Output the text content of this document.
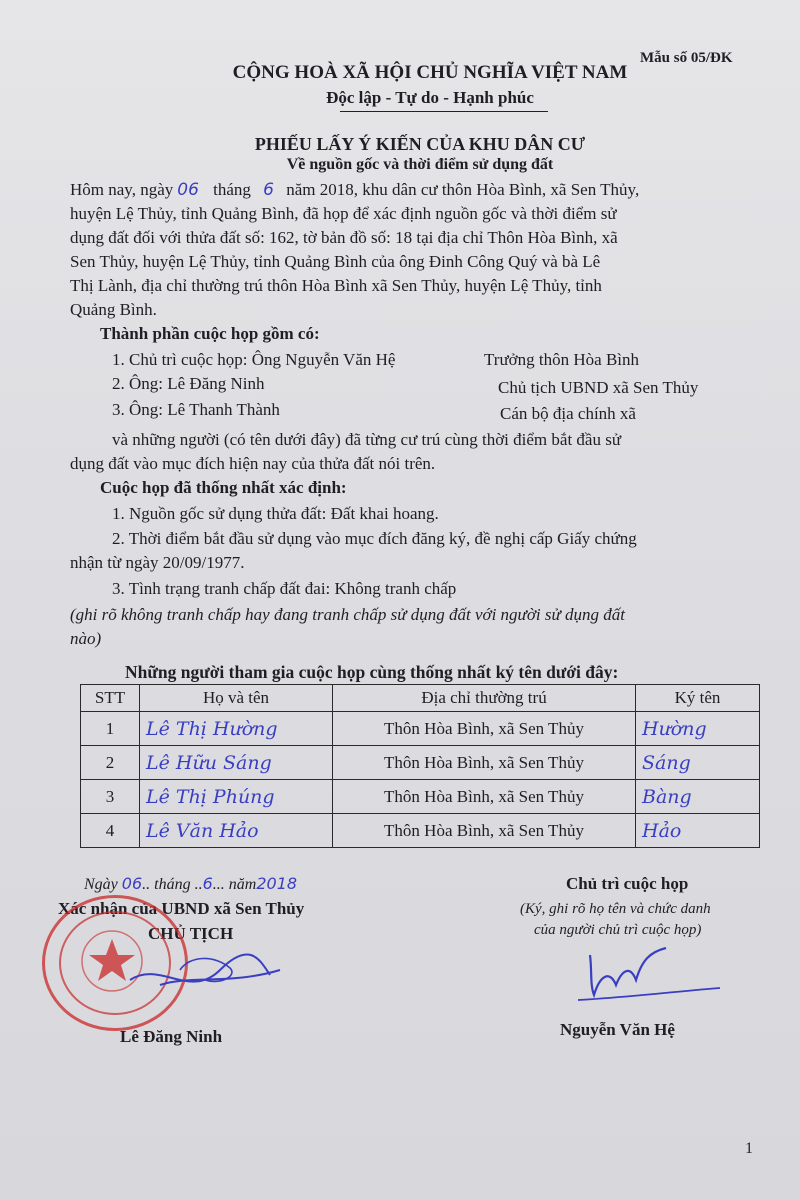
Mẫu số 05/ĐK
CỘNG HOÀ XÃ HỘI CHỦ NGHĨA VIỆT NAM
Độc lập - Tự do - Hạnh phúc
PHIẾU LẤY Ý KIẾN CỦA KHU DÂN CƯ
Về nguồn gốc và thời điểm sử dụng đất
Hôm nay, ngày 06 tháng 6 năm 2018, khu dân cư thôn Hòa Bình, xã Sen Thủy,
huyện Lệ Thủy, tỉnh Quảng Bình, đã họp để xác định nguồn gốc và thời điểm sử
dụng đất đối với thửa đất số: 162, tờ bản đồ số: 18 tại địa chỉ Thôn Hòa Bình, xã
Sen Thủy, huyện Lệ Thủy, tỉnh Quảng Bình của ông Đinh Công Quý và bà Lê
Thị Lành, địa chỉ thường trú thôn Hòa Bình xã Sen Thủy, huyện Lệ Thủy, tỉnh
Quảng Bình.
Thành phần cuộc họp gồm có:
1. Chủ trì cuộc họp: Ông Nguyễn Văn Hệ	Trưởng thôn Hòa Bình
2. Ông: Lê Đăng Ninh	Chủ tịch UBND xã Sen Thủy
3. Ông: Lê Thanh Thành	Cán bộ địa chính xã
và những người (có tên dưới đây) đã từng cư trú cùng thời điểm bắt đầu sử
dụng đất vào mục đích hiện nay của thửa đất nói trên.
Cuộc họp đã thống nhất xác định:
1. Nguồn gốc sử dụng thửa đất: Đất khai hoang.
2. Thời điểm bắt đầu sử dụng vào mục đích đăng ký, đề nghị cấp Giấy chứng
nhận từ ngày 20/09/1977.
3. Tình trạng tranh chấp đất đai: Không tranh chấp
(ghi rõ không tranh chấp hay đang tranh chấp sử dụng đất với người sử dụng đất
nào)
Những người tham gia cuộc họp cùng thống nhất ký tên dưới đây:
STT	Họ và tên	Địa chỉ thường trú	Ký tên
1	Lê Thị Hường	Thôn Hòa Bình, xã Sen Thủy	Hường
2	Lê Hữu Sáng	Thôn Hòa Bình, xã Sen Thủy	Sáng
3	Lê Thị Phúng	Thôn Hòa Bình, xã Sen Thủy	Bàng
4	Lê Văn Hảo	Thôn Hòa Bình, xã Sen Thủy	Hảo
Ngày 06.. tháng ..6... năm2018
Xác nhận của UBND xã Sen Thủy
CHỦ TỊCH
Lê Đăng Ninh
Chủ trì cuộc họp
(Ký, ghi rõ họ tên và chức danh
của người chủ trì cuộc họp)
Nguyễn Văn Hệ
1
